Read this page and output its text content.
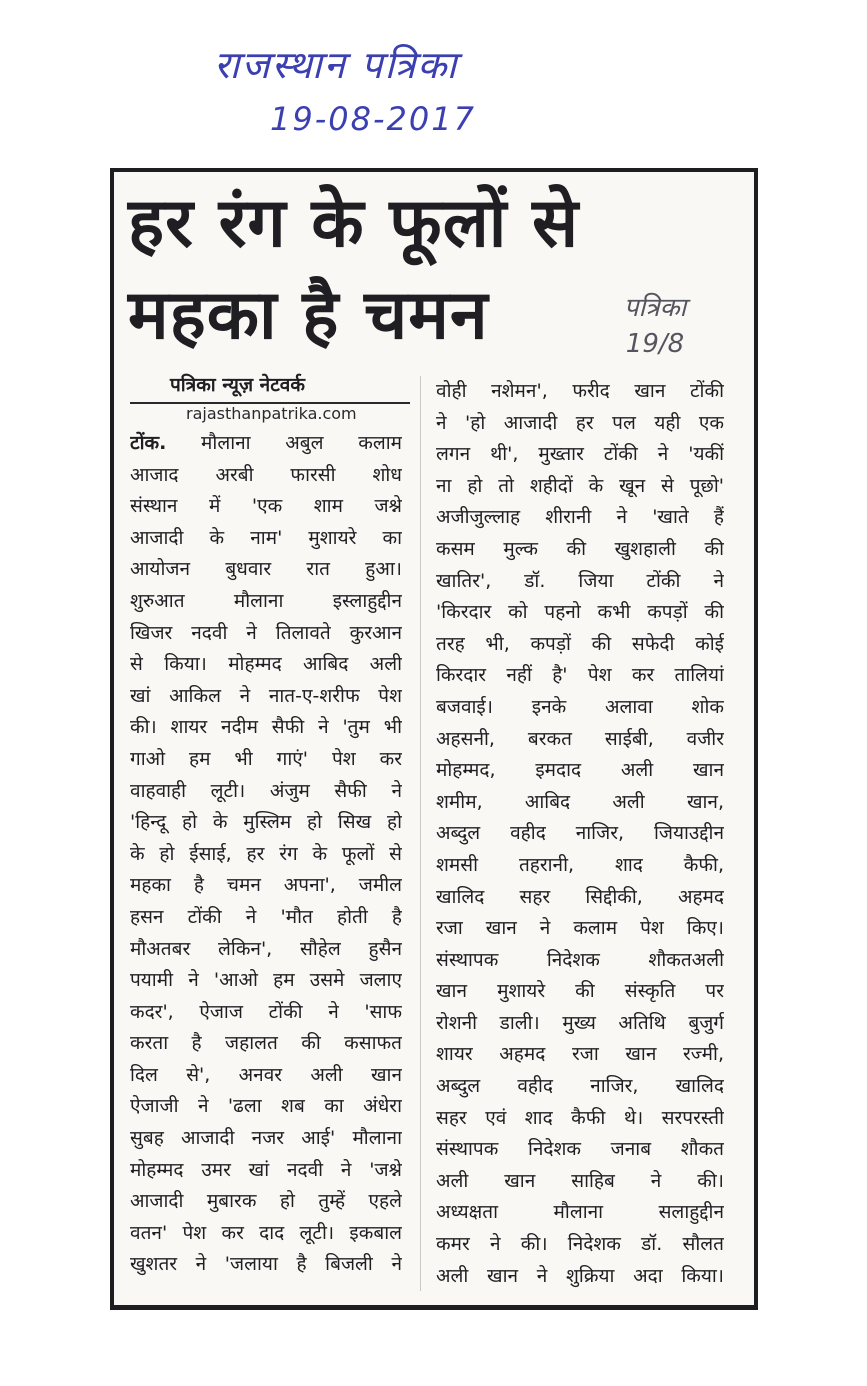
राजस्थान पत्रिका
19-08-2017
हर रंग के फूलों से
महका है चमन	पत्रिका
19/8
पत्रिका न्यूज़ नेटवर्क
rajasthanpatrika.com
टोंक. मौलाना अबुल कलाम
आजाद अरबी फारसी शोध
संस्थान में 'एक शाम जश्ने
आजादी के नाम' मुशायरे का
आयोजन बुधवार रात हुआ।
शुरुआत मौलाना इस्लाहुद्दीन
खिजर नदवी ने तिलावते कुरआन
से किया। मोहम्मद आबिद अली
खां आकिल ने नात-ए-शरीफ पेश
की। शायर नदीम सैफी ने 'तुम भी
गाओ हम भी गाएं' पेश कर
वाहवाही लूटी। अंजुम सैफी ने
'हिन्दू हो के मुस्लिम हो सिख हो
के हो ईसाई, हर रंग के फूलों से
महका है चमन अपना', जमील
हसन टोंकी ने 'मौत होती है
मौअतबर लेकिन', सौहेल हुसैन
पयामी ने 'आओ हम उसमे जलाए
कदर', ऐजाज टोंकी ने 'साफ
करता है जहालत की कसाफत
दिल से', अनवर अली खान
ऐजाजी ने 'ढला शब का अंधेरा
सुबह आजादी नजर आई' मौलाना
मोहम्मद उमर खां नदवी ने 'जश्ने
आजादी मुबारक हो तुम्हें एहले
वतन' पेश कर दाद लूटी। इकबाल
खुशतर ने 'जलाया है बिजली ने
वोही नशेमन', फरीद खान टोंकी
ने 'हो आजादी हर पल यही एक
लगन थी', मुख्तार टोंकी ने 'यकीं
ना हो तो शहीदों के खून से पूछो'
अजीजुल्लाह शीरानी ने 'खाते हैं
कसम मुल्क की खुशहाली की
खातिर', डॉ. जिया टोंकी ने
'किरदार को पहनो कभी कपड़ों की
तरह भी, कपड़ों की सफेदी कोई
किरदार नहीं है' पेश कर तालियां
बजवाई। इनके अलावा शोक
अहसनी, बरकत साईबी, वजीर
मोहम्मद, इमदाद अली खान
शमीम, आबिद अली खान,
अब्दुल वहीद नाजिर, जियाउद्दीन
शमसी तहरानी, शाद कैफी,
खालिद सहर सिद्दीकी, अहमद
रजा खान ने कलाम पेश किए।
संस्थापक निदेशक शौकतअली
खान मुशायरे की संस्कृति पर
रोशनी डाली। मुख्य अतिथि बुजुर्ग
शायर अहमद रजा खान रज्मी,
अब्दुल वहीद नाजिर, खालिद
सहर एवं शाद कैफी थे। सरपरस्ती
संस्थापक निदेशक जनाब शौकत
अली खान साहिब ने की।
अध्यक्षता मौलाना सलाहुद्दीन
कमर ने की। निदेशक डॉ. सौलत
अली खान ने शुक्रिया अदा किया।
